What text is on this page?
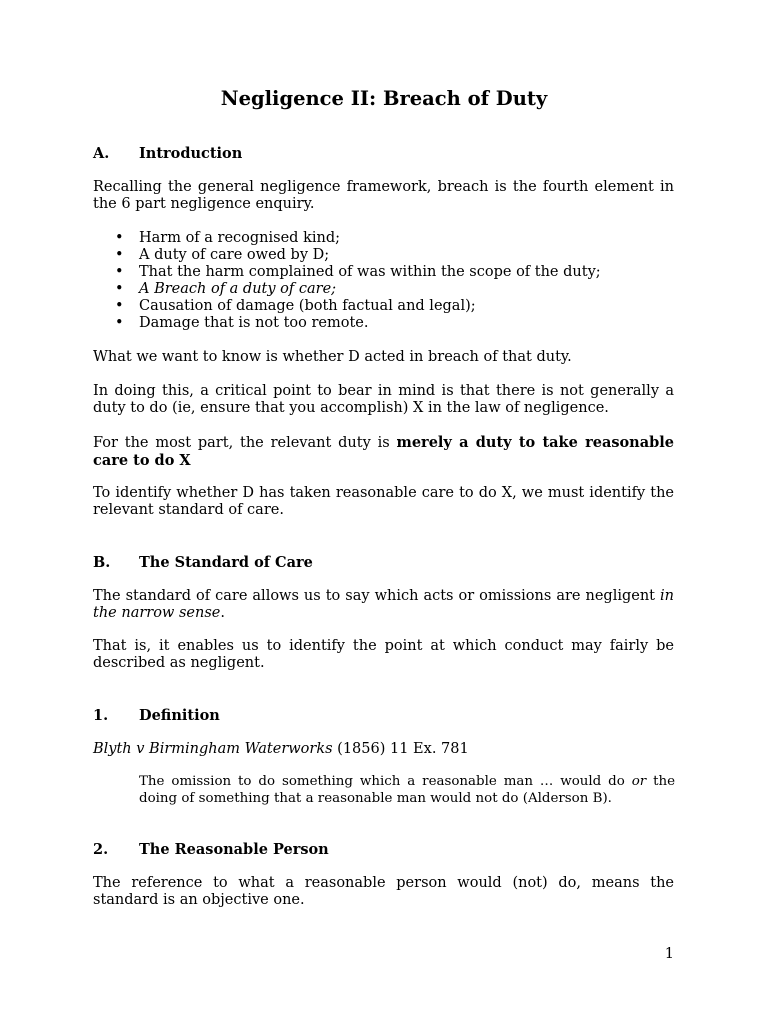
Negligence II: Breach of Duty
A. Introduction
Recalling the general negligence framework, breach is the fourth element in the 6 part negligence enquiry.
• Harm of a recognised kind;
• A duty of care owed by D;
• That the harm complained of was within the scope of the duty;
• A Breach of a duty of care;
• Causation of damage (both factual and legal);
• Damage that is not too remote.
What we want to know is whether D acted in breach of that duty.
In doing this, a critical point to bear in mind is that there is not generally a duty to do (ie, ensure that you accomplish) X in the law of negligence.
For the most part, the relevant duty is merely a duty to take reasonable care to do X
To identify whether D has taken reasonable care to do X, we must identify the relevant standard of care.
B. The Standard of Care
The standard of care allows us to say which acts or omissions are negligent in the narrow sense.
That is, it enables us to identify the point at which conduct may fairly be described as negligent.
1. Definition
Blyth v Birmingham Waterworks (1856) 11 Ex. 781
The omission to do something which a reasonable man … would do or the doing of something that a reasonable man would not do (Alderson B).
2. The Reasonable Person
The reference to what a reasonable person would (not) do, means the standard is an objective one.
1
